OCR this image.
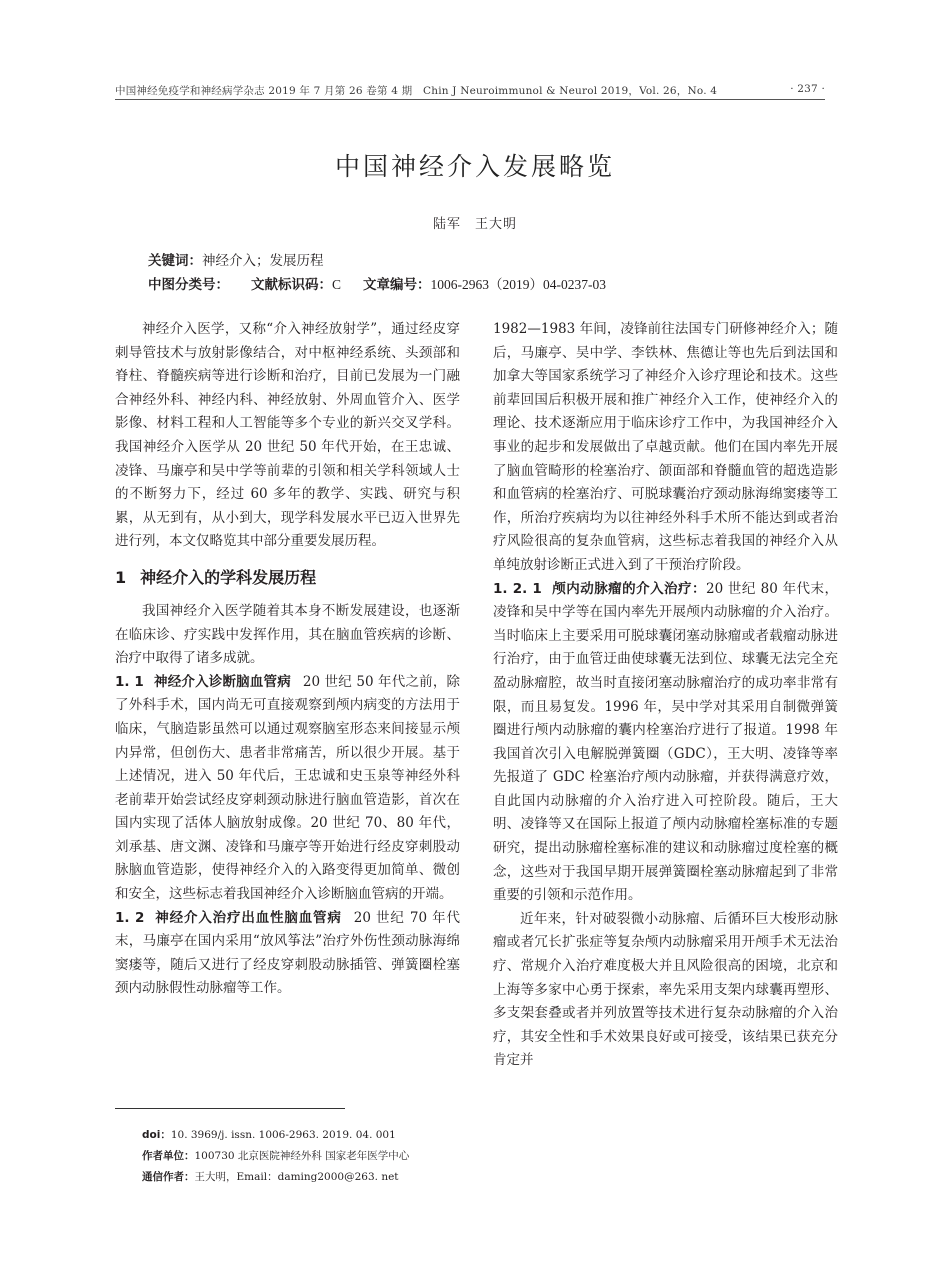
中国神经免疫学和神经病学杂志 2019 年 7 月第 26 卷第 4 期　Chin J Neuroimmunol & Neurol 2019，Vol. 26，No. 4	· 237 ·
中国神经介入发展略览
陆军　王大明
关键词：神经介入；发展历程
中图分类号： 文献标识码：C 文章编号：1006-2963（2019）04-0237-03

神经介入医学，又称“介入神经放射学”，通过经皮穿刺导管技术与放射影像结合，对中枢神经系统、头颈部和脊柱、脊髓疾病等进行诊断和治疗，目前已发展为一门融合神经外科、神经内科、神经放射、外周血管介入、医学影像、材料工程和人工智能等多个专业的新兴交叉学科。我国神经介入医学从 20 世纪 50 年代开始，在王忠诚、凌锋、马廉亭和吴中学等前辈的引领和相关学科领域人士的不断努力下，经过 60 多年的教学、实践、研究与积累，从无到有，从小到大，现学科发展水平已迈入世界先进行列，本文仅略览其中部分重要发展历程。

1 神经介入的学科发展历程

我国神经介入医学随着其本身不断发展建设，也逐渐在临床诊、疗实践中发挥作用，其在脑血管疾病的诊断、治疗中取得了诸多成就。

1. 1 神经介入诊断脑血管病 20 世纪 50 年代之前，除了外科手术，国内尚无可直接观察到颅内病变的方法用于临床，气脑造影虽然可以通过观察脑室形态来间接显示颅内异常，但创伤大、患者非常痛苦，所以很少开展。基于上述情况，进入 50 年代后，王忠诚和史玉泉等神经外科老前辈开始尝试经皮穿刺颈动脉进行脑血管造影，首次在国内实现了活体人脑放射成像。20 世纪 70、80 年代，刘承基、唐文渊、凌锋和马廉亭等开始进行经皮穿刺股动脉脑血管造影，使得神经介入的入路变得更加简单、微创和安全，这些标志着我国神经介入诊断脑血管病的开端。

1. 2 神经介入治疗出血性脑血管病 20 世纪 70 年代末，马廉亭在国内采用“放风筝法”治疗外伤性颈动脉海绵窦瘘等，随后又进行了经皮穿刺股动脉插管、弹簧圈栓塞颈内动脉假性动脉瘤等工作。

1982—1983 年间，凌锋前往法国专门研修神经介入；随后，马廉亭、吴中学、李铁林、焦德让等也先后到法国和加拿大等国家系统学习了神经介入诊疗理论和技术。这些前辈回国后积极开展和推广神经介入工作，使神经介入的理论、技术逐渐应用于临床诊疗工作中，为我国神经介入事业的起步和发展做出了卓越贡献。他们在国内率先开展了脑血管畸形的栓塞治疗、颌面部和脊髓血管的超选造影和血管病的栓塞治疗、可脱球囊治疗颈动脉海绵窦瘘等工作，所治疗疾病均为以往神经外科手术所不能达到或者治疗风险很高的复杂血管病，这些标志着我国的神经介入从单纯放射诊断正式进入到了干预治疗阶段。

1. 2. 1 颅内动脉瘤的介入治疗：20 世纪 80 年代末，凌锋和吴中学等在国内率先开展颅内动脉瘤的介入治疗。当时临床上主要采用可脱球囊闭塞动脉瘤或者载瘤动脉进行治疗，由于血管迂曲使球囊无法到位、球囊无法完全充盈动脉瘤腔，故当时直接闭塞动脉瘤治疗的成功率非常有限，而且易复发。1996 年，吴中学对其采用自制微弹簧圈进行颅内动脉瘤的囊内栓塞治疗进行了报道。1998 年我国首次引入电解脱弹簧圈（GDC），王大明、凌锋等率先报道了 GDC 栓塞治疗颅内动脉瘤，并获得满意疗效，自此国内动脉瘤的介入治疗进入可控阶段。随后，王大明、凌锋等又在国际上报道了颅内动脉瘤栓塞标准的专题研究，提出动脉瘤栓塞标准的建议和动脉瘤过度栓塞的概念，这些对于我国早期开展弹簧圈栓塞动脉瘤起到了非常重要的引领和示范作用。

近年来，针对破裂微小动脉瘤、后循环巨大梭形动脉瘤或者冗长扩张症等复杂颅内动脉瘤采用开颅手术无法治疗、常规介入治疗难度极大并且风险很高的困境，北京和上海等多家中心勇于探索，率先采用支架内球囊再塑形、多支架套叠或者并列放置等技术进行复杂动脉瘤的介入治疗，其安全性和手术效果良好或可接受，该结果已获充分肯定并

doi：10. 3969/j. issn. 1006-2963. 2019. 04. 001
作者单位：100730 北京医院神经外科 国家老年医学中心
通信作者：王大明，Email：daming2000@263. net
